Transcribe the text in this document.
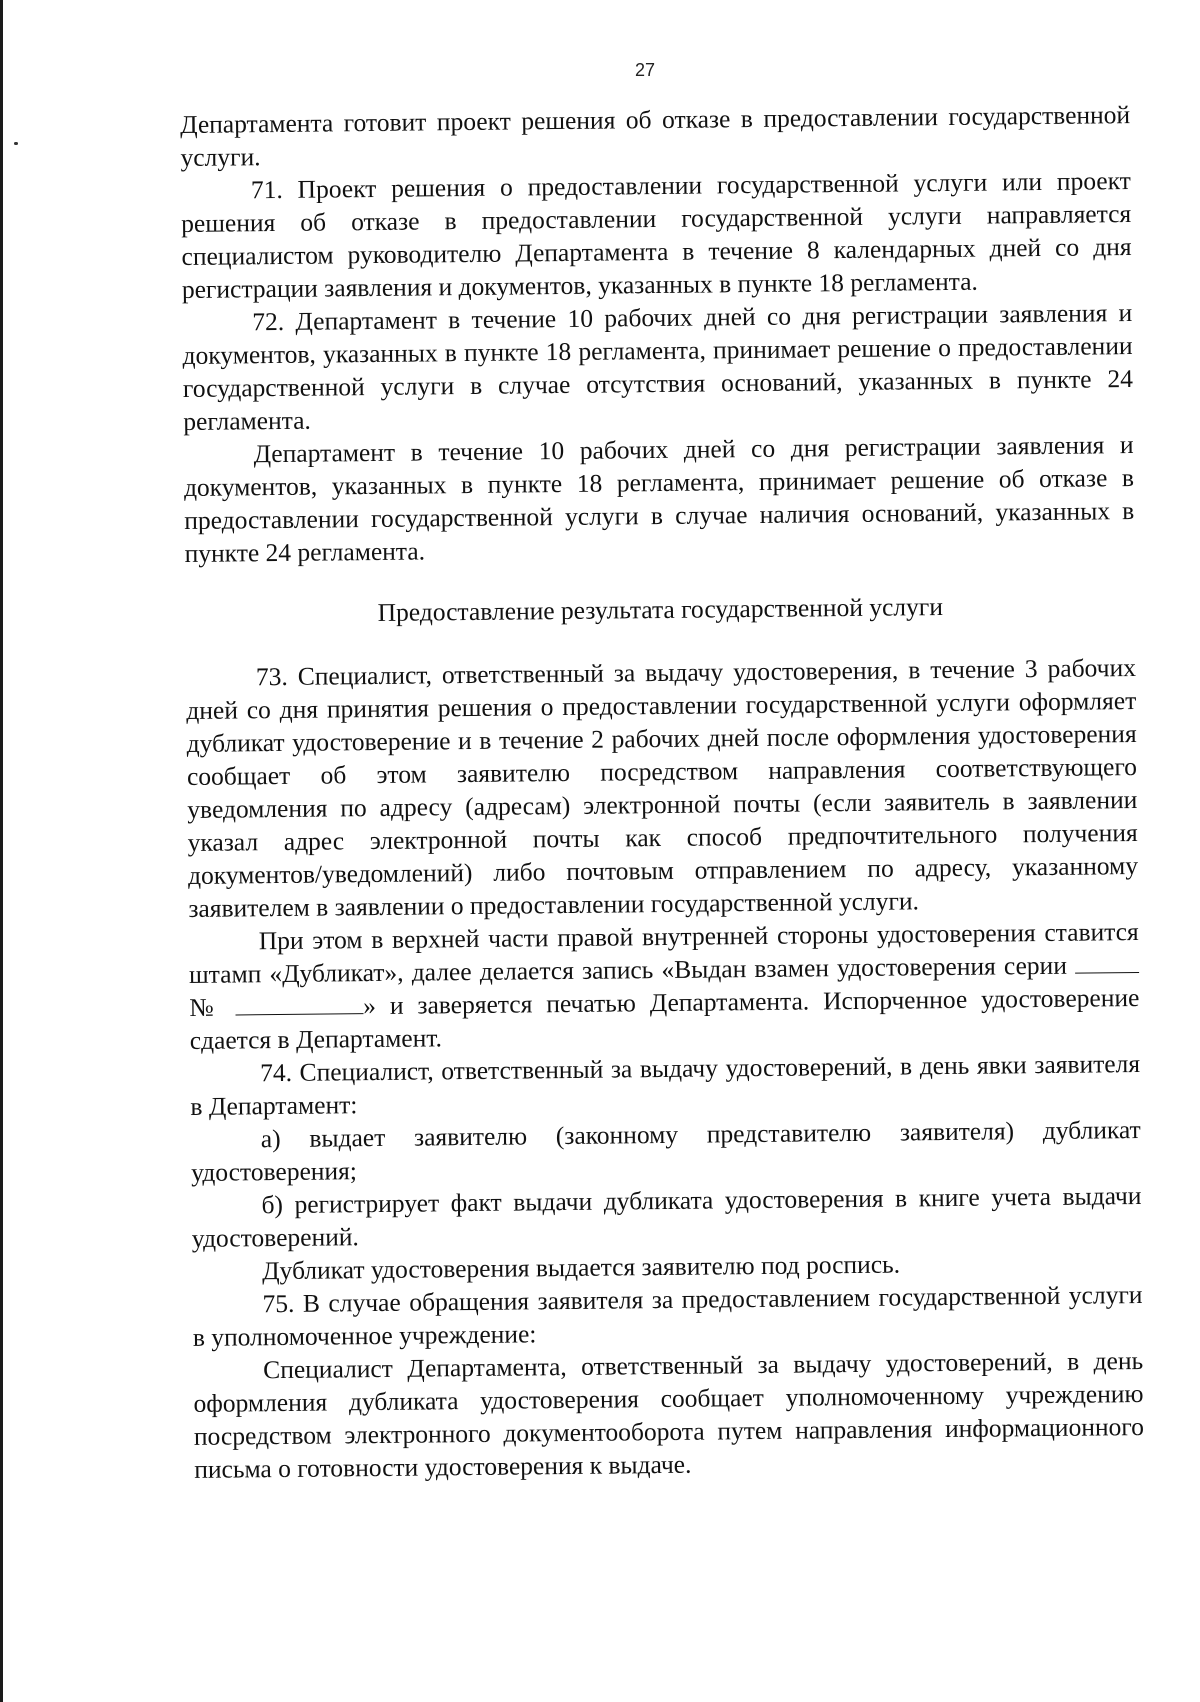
27

Департамента готовит проект решения об отказе в предоставлении государственной услуги.

71. Проект решения о предоставлении государственной услуги или проект решения об отказе в предоставлении государственной услуги направляется специалистом руководителю Департамента в течение 8 календарных дней со дня регистрации заявления и документов, указанных в пункте 18 регламента.

72. Департамент в течение 10 рабочих дней со дня регистрации заявления и документов, указанных в пункте 18 регламента, принимает решение о предоставлении государственной услуги в случае отсутствия оснований, указанных в пункте 24 регламента.

Департамент в течение 10 рабочих дней со дня регистрации заявления и документов, указанных в пункте 18 регламента, принимает решение об отказе в предоставлении государственной услуги в случае наличия оснований, указанных в пункте 24 регламента.

Предоставление результата государственной услуги

73. Специалист, ответственный за выдачу удостоверения, в течение 3 рабочих дней со дня принятия решения о предоставлении государственной услуги оформляет дубликат удостоверение и в течение 2 рабочих дней после оформления удостоверения сообщает об этом заявителю посредством направления соответствующего уведомления по адресу (адресам) электронной почты (если заявитель в заявлении указал адрес электронной почты как способ предпочтительного получения документов/уведомлений) либо почтовым отправлением по адресу, указанному заявителем в заявлении о предоставлении государственной услуги.

При этом в верхней части правой внутренней стороны удостоверения ставится штамп «Дубликат», далее делается запись «Выдан взамен удостоверения серии  №	» и заверяется печатью Департамента. Испорченное удостоверение сдается в Департамент.

74. Специалист, ответственный за выдачу удостоверений, в день явки заявителя в Департамент:

а) выдает заявителю (законному представителю заявителя) дубликат удостоверения;

б) регистрирует факт выдачи дубликата удостоверения в книге учета выдачи удостоверений.

Дубликат удостоверения выдается заявителю под роспись.

75. В случае обращения заявителя за предоставлением государственной услуги в уполномоченное учреждение:

Специалист Департамента, ответственный за выдачу удостоверений, в день оформления дубликата удостоверения сообщает уполномоченному учреждению посредством электронного документооборота путем направления информационного письма о готовности удостоверения к выдаче.
